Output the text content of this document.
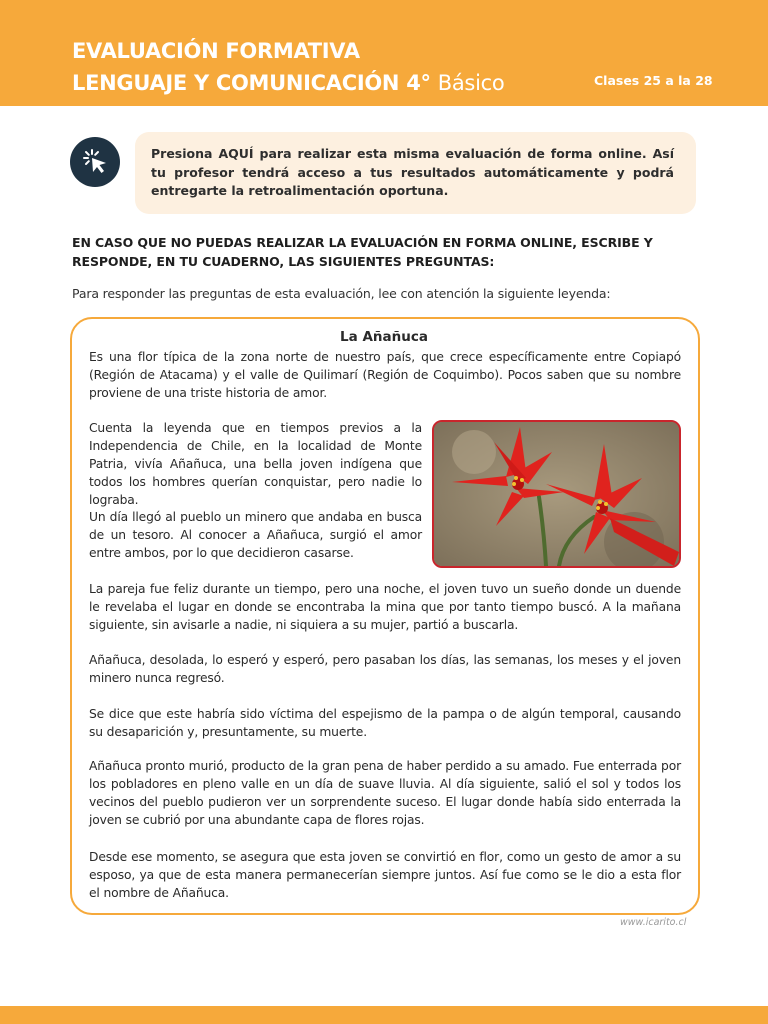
EVALUACIÓN FORMATIVA
LENGUAJE Y COMUNICACIÓN 4° Básico	Clases 25 a la 28
Presiona AQUÍ para realizar esta misma evaluación de forma online. Así tu profesor tendrá acceso a tus resultados automáticamente y podrá entregarte la retroalimentación oportuna.
EN CASO QUE NO PUEDAS REALIZAR LA EVALUACIÓN EN FORMA ONLINE, ESCRIBE Y RESPONDE, EN TU CUADERNO, LAS SIGUIENTES PREGUNTAS:
Para responder las preguntas de esta evaluación, lee con atención la siguiente leyenda:
La Añañuca
Es una flor típica de la zona norte de nuestro país, que crece específicamente entre Copiapó (Región de Atacama) y el valle de Quilimarí (Región de Coquimbo). Pocos saben que su nombre proviene de una triste historia de amor.
Cuenta la leyenda que en tiempos previos a la Independencia de Chile, en la localidad de Monte Patria, vivía Añañuca, una bella joven indígena que todos los hombres querían conquistar, pero nadie lo lograba.
Un día llegó al pueblo un minero que andaba en busca de un tesoro. Al conocer a Añañuca, surgió el amor entre ambos, por lo que decidieron casarse.
La pareja fue feliz durante un tiempo, pero una noche, el joven tuvo un sueño donde un duende le revelaba el lugar en donde se encontraba la mina que por tanto tiempo buscó. A la mañana siguiente, sin avisarle a nadie, ni siquiera a su mujer, partió a buscarla.
Añañuca, desolada, lo esperó y esperó, pero pasaban los días, las semanas, los meses y el joven minero nunca regresó.
Se dice que este habría sido víctima del espejismo de la pampa o de algún temporal, causando su desaparición y, presuntamente, su muerte.
Añañuca pronto murió, producto de la gran pena de haber perdido a su amado. Fue enterrada por los pobladores en pleno valle en un día de suave lluvia. Al día siguiente, salió el sol y todos los vecinos del pueblo pudieron ver un sorprendente suceso. El lugar donde había sido enterrada la joven se cubrió por una abundante capa de flores rojas.
Desde ese momento, se asegura que esta joven se convirtió en flor, como un gesto de amor a su esposo, ya que de esta manera permanecerían siempre juntos. Así fue como se le dio a esta flor el nombre de Añañuca.
www.icarito.cl
